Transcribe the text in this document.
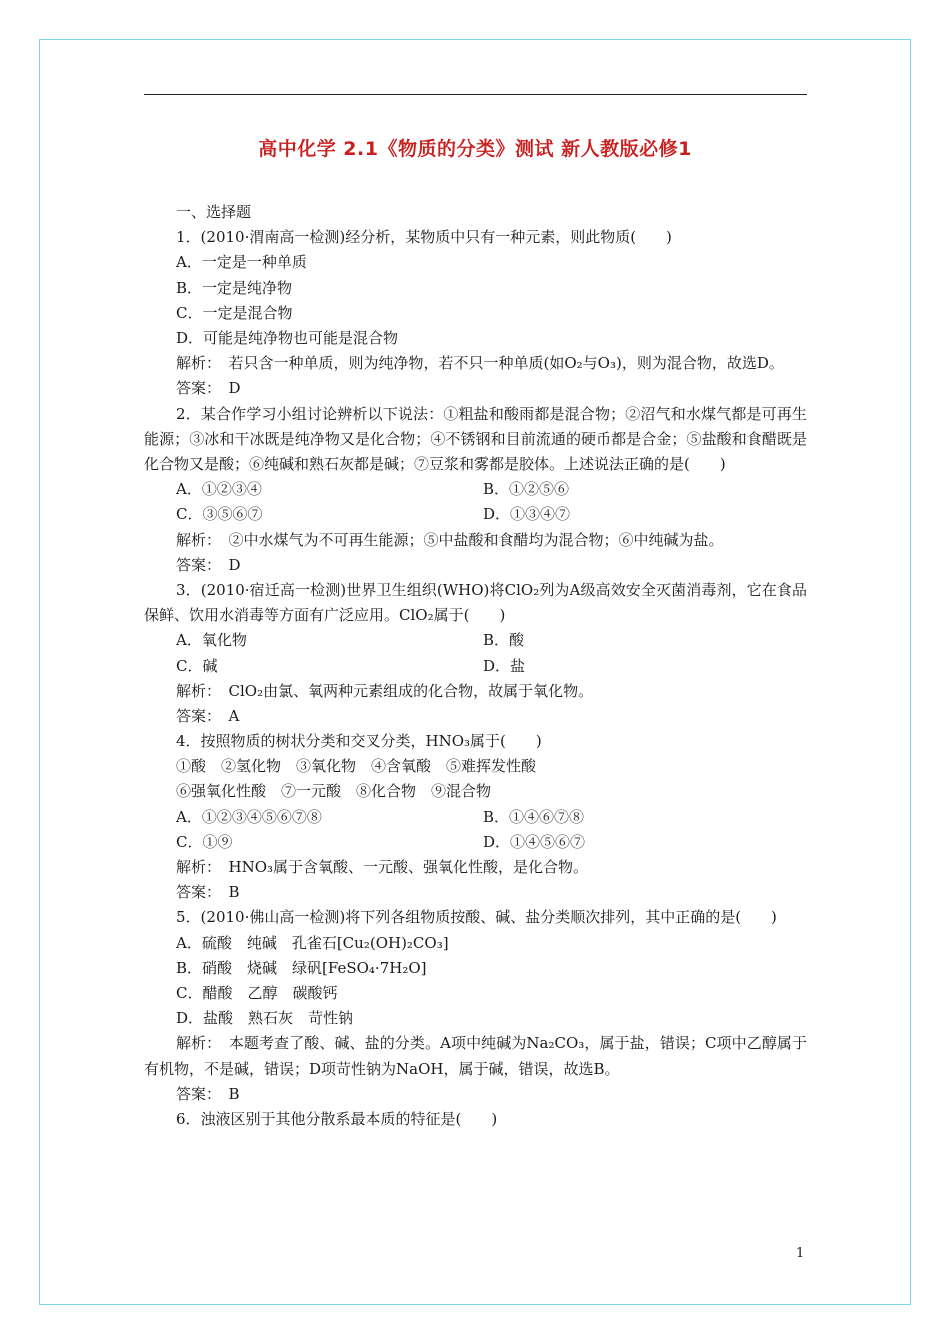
高中化学 2.1《物质的分类》测试 新人教版必修1
一、选择题
1．(2010·渭南高一检测)经分析，某物质中只有一种元素，则此物质(　　)
A．一定是一种单质
B．一定是纯净物
C．一定是混合物
D．可能是纯净物也可能是混合物
解析：　若只含一种单质，则为纯净物，若不只一种单质(如O₂与O₃)，则为混合物，故选D。
答案：　D
2．某合作学习小组讨论辨析以下说法：①粗盐和酸雨都是混合物；②沼气和水煤气都是可再生能源；③冰和干冰既是纯净物又是化合物；④不锈钢和目前流通的硬币都是合金；⑤盐酸和食醋既是化合物又是酸；⑥纯碱和熟石灰都是碱；⑦豆浆和雾都是胶体。上述说法正确的是(　　)
A．①②③④	B．①②⑤⑥
C．③⑤⑥⑦	D．①③④⑦
解析：　②中水煤气为不可再生能源；⑤中盐酸和食醋均为混合物；⑥中纯碱为盐。
答案：　D
3．(2010·宿迁高一检测)世界卫生组织(WHO)将ClO₂列为A级高效安全灭菌消毒剂，它在食品保鲜、饮用水消毒等方面有广泛应用。ClO₂属于(　　)
A．氧化物	B．酸
C．碱	D．盐
解析：　ClO₂由氯、氧两种元素组成的化合物，故属于氧化物。
答案：　A
4．按照物质的树状分类和交叉分类，HNO₃属于(　　)
①酸　②氢化物　③氧化物　④含氧酸　⑤难挥发性酸
⑥强氧化性酸　⑦一元酸　⑧化合物　⑨混合物
A．①②③④⑤⑥⑦⑧	B．①④⑥⑦⑧
C．①⑨	D．①④⑤⑥⑦
解析：　HNO₃属于含氧酸、一元酸、强氧化性酸，是化合物。
答案：　B
5．(2010·佛山高一检测)将下列各组物质按酸、碱、盐分类顺次排列，其中正确的是(　　)
A．硫酸　纯碱　孔雀石[Cu₂(OH)₂CO₃]
B．硝酸　烧碱　绿矾[FeSO₄·7H₂O]
C．醋酸　乙醇　碳酸钙
D．盐酸　熟石灰　苛性钠
解析：　本题考查了酸、碱、盐的分类。A项中纯碱为Na₂CO₃，属于盐，错误；C项中乙醇属于有机物，不是碱，错误；D项苛性钠为NaOH，属于碱，错误，故选B。
答案：　B
6．浊液区别于其他分散系最本质的特征是(　　)
1
